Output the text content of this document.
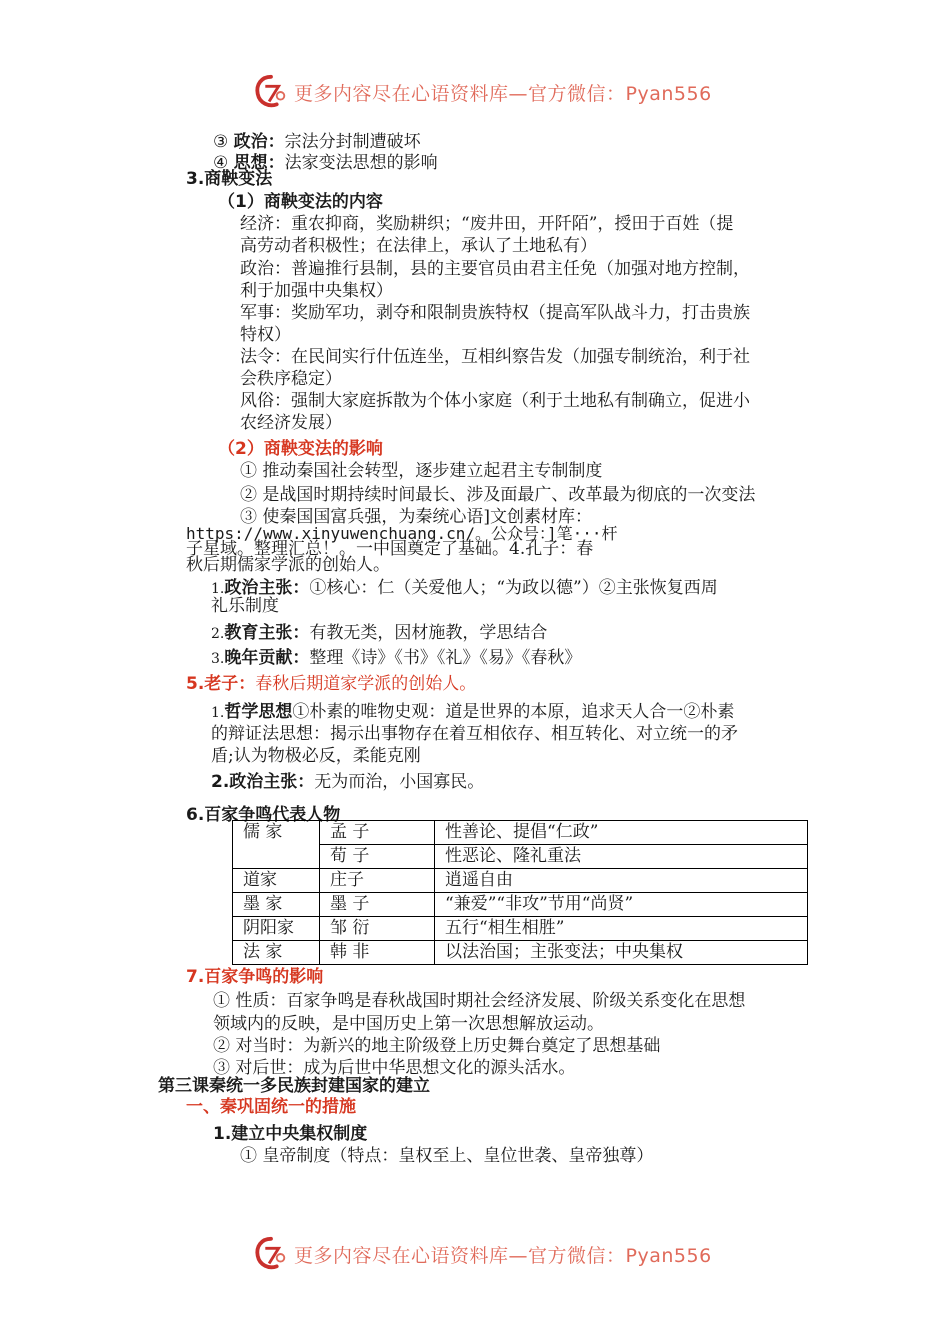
更多内容尽在心语资料库—官方微信：Pyan556
③ 政治：宗法分封制遭破坏
④ 思想：法家变法思想的影响
3.商鞅变法
（1）商鞅变法的内容
经济：重农抑商，奖励耕织；“废井田，开阡陌”，授田于百姓（提
高劳动者积极性；在法律上，承认了土地私有）
政治：普遍推行县制，县的主要官员由君主任免（加强对地方控制，
利于加强中央集权）
军事：奖励军功，剥夺和限制贵族特权（提高军队战斗力，打击贵族
特权）
法令：在民间实行什伍连坐，互相纠察告发（加强专制统治，利于社
会秩序稳定）
风俗：强制大家庭拆散为个体小家庭（利于土地私有制确立，促进小
农经济发展）
（2）商鞅变法的影响
① 推动秦国社会转型，逐步建立起君主专制制度
② 是战国时期持续时间最长、涉及面最广、改革最为彻底的一次变法
③ 使秦国国富兵强，为秦统心语]文创素材库：
https://www.xinyuwenchuang.cn/。公众号：]笔···杆
子星域。整理汇总！。一中国奠定了基础。4.孔子：春
秋后期儒家学派的创始人。
1.政治主张：①核心：仁（关爱他人；“为政以德”）②主张恢复西周
礼乐制度
2.教育主张：有教无类，因材施教，学思结合
3.晚年贡献：整理《诗》《书》《礼》《易》《春秋》
5.老子：春秋后期道家学派的创始人。
1.哲学思想①朴素的唯物史观：道是世界的本原，追求天人合一②朴素
的辩证法思想：揭示出事物存在着互相依存、相互转化、对立统一的矛
盾;认为物极必反，柔能克刚
2.政治主张：无为而治，小国寡民。
6.百家争鸣代表人物
儒 家	孟 子	性善论、提倡“仁政”
	荀 子	性恶论、隆礼重法
道家	庄子	逍遥自由
墨 家	墨 子	“兼爱”“非攻”节用“尚贤”
阴阳家	邹 衍	五行“相生相胜”
法 家	韩 非	以法治国；主张变法；中央集权
7.百家争鸣的影响
① 性质：百家争鸣是春秋战国时期社会经济发展、阶级关系变化在思想
领域内的反映，是中国历史上第一次思想解放运动。
② 对当时：为新兴的地主阶级登上历史舞台奠定了思想基础
③ 对后世：成为后世中华思想文化的源头活水。
第三课秦统一多民族封建国家的建立
一、秦巩固统一的措施
1.建立中央集权制度
① 皇帝制度（特点：皇权至上、皇位世袭、皇帝独尊）
更多内容尽在心语资料库—官方微信：Pyan556
